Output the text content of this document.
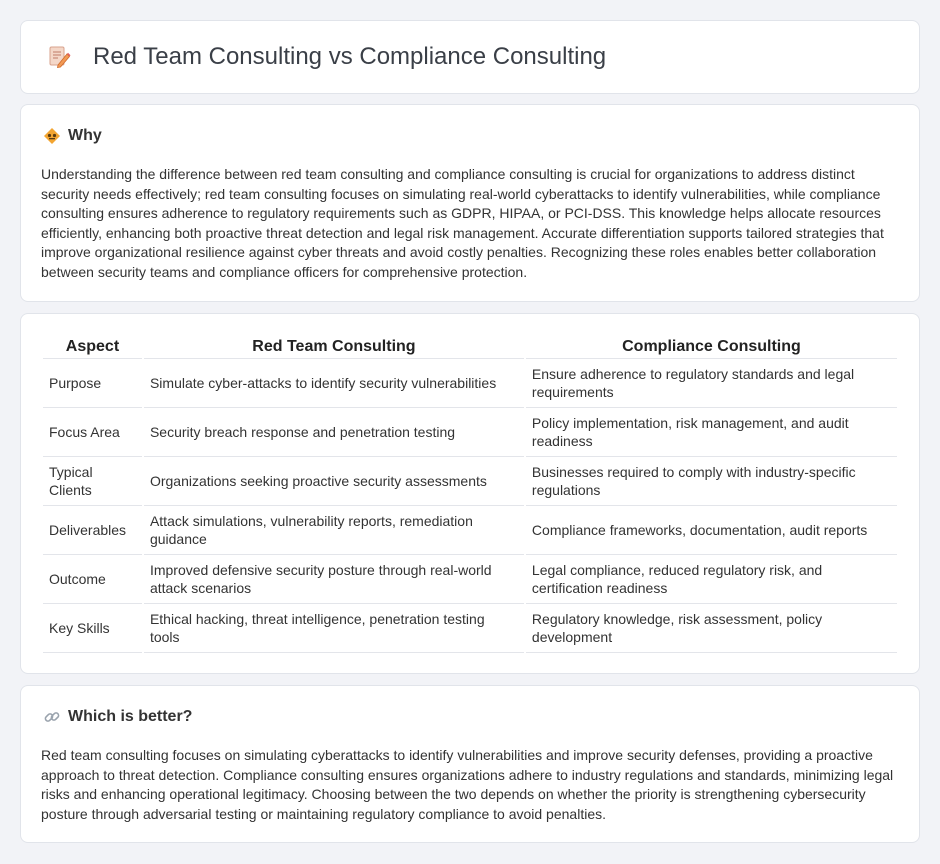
Red Team Consulting vs Compliance Consulting
Why

Understanding the difference between red team consulting and compliance consulting is crucial for organizations to address distinct security needs effectively; red team consulting focuses on simulating real-world cyberattacks to identify vulnerabilities, while compliance consulting ensures adherence to regulatory requirements such as GDPR, HIPAA, or PCI-DSS. This knowledge helps allocate resources efficiently, enhancing both proactive threat detection and legal risk management. Accurate differentiation supports tailored strategies that improve organizational resilience against cyber threats and avoid costly penalties. Recognizing these roles enables better collaboration between security teams and compliance officers for comprehensive protection.

Aspect	Red Team Consulting	Compliance Consulting
Purpose	Simulate cyber-attacks to identify security vulnerabilities	Ensure adherence to regulatory standards and legal requirements
Focus Area	Security breach response and penetration testing	Policy implementation, risk management, and audit readiness
Typical Clients	Organizations seeking proactive security assessments	Businesses required to comply with industry-specific regulations
Deliverables	Attack simulations, vulnerability reports, remediation guidance	Compliance frameworks, documentation, audit reports
Outcome	Improved defensive security posture through real-world attack scenarios	Legal compliance, reduced regulatory risk, and certification readiness
Key Skills	Ethical hacking, threat intelligence, penetration testing tools	Regulatory knowledge, risk assessment, policy development
Which is better?

Red team consulting focuses on simulating cyberattacks to identify vulnerabilities and improve security defenses, providing a proactive approach to threat detection. Compliance consulting ensures organizations adhere to industry regulations and standards, minimizing legal risks and enhancing operational legitimacy. Choosing between the two depends on whether the priority is strengthening cybersecurity posture through adversarial testing or maintaining regulatory compliance to avoid penalties.
